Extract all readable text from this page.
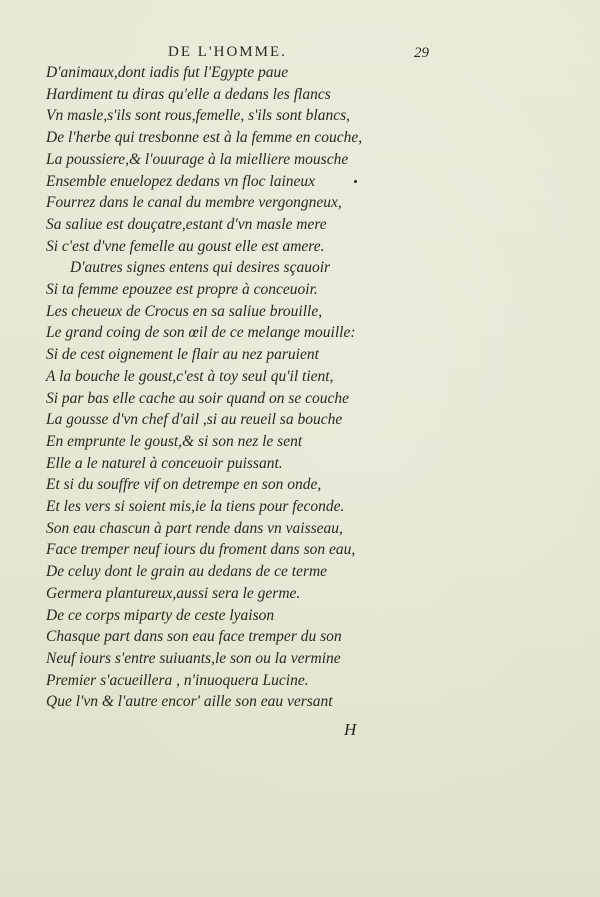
DE L'HOMME.	29
D'animaux,dont iadis fut l'Egypte paue
Hardiment tu diras qu'elle a dedans les flancs
Vn masle,s'ils sont rous,femelle, s'ils sont blancs,
De l'herbe qui tresbonne est à la femme en couche,
La poussiere,& l'ouurage à la mielliere mousche
Ensemble enuelopez dedans vn floc laineux
Fourrez dans le canal du membre vergongneux,
Sa saliue est douçatre,estant d'vn masle mere
Si c'est d'vne femelle au goust elle est amere.
D'autres signes entens qui desires sçauoir
Si ta femme epouzee est propre à conceuoir.
Les cheueux de Crocus en sa saliue brouille,
Le grand coing de son œil de ce melange mouille:
Si de cest oignement le flair au nez paruient
A la bouche le goust,c'est à toy seul qu'il tient,
Si par bas elle cache au soir quand on se couche
La gousse d'vn chef d'ail ,si au reueil sa bouche
En emprunte le goust,& si son nez le sent
Elle a le naturel à conceuoir puissant.
Et si du souffre vif on detrempe en son onde,
Et les vers si soient mis,ie la tiens pour feconde.
Son eau chascun à part rende dans vn vaisseau,
Face tremper neuf iours du froment dans son eau,
De celuy dont le grain au dedans de ce terme
Germera plantureux,aussi sera le germe.
De ce corps miparty de ceste lyaison
Chasque part dans son eau face tremper du son
Neuf iours s'entre suiuants,le son ou la vermine
Premier s'acueillera , n'inuoquera Lucine.
Que l'vn & l'autre encor' aille son eau versant
H
